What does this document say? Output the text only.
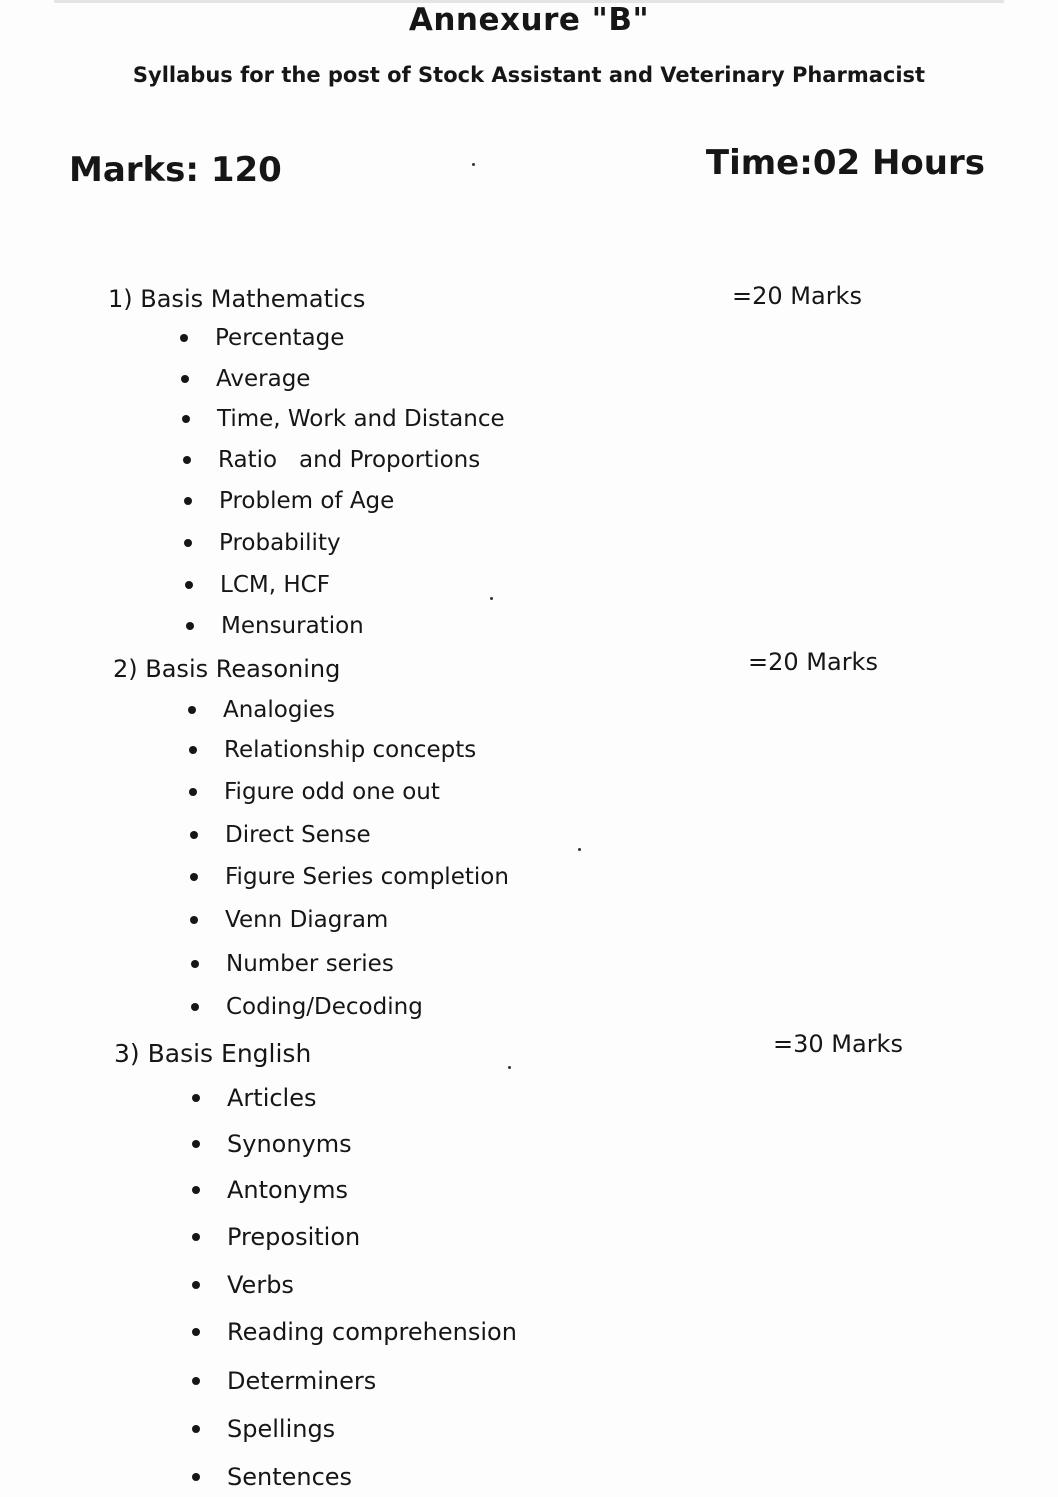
Annexure "B"
Syllabus for the post of Stock Assistant and Veterinary Pharmacist
Marks: 120	Time:02 Hours
1) Basis Mathematics	=20 Marks
Percentage
Average
Time, Work and Distance
Ratio   and Proportions
Problem of Age
Probability
LCM, HCF
Mensuration
2) Basis Reasoning	=20 Marks
Analogies
Relationship concepts
Figure odd one out
Direct Sense
Figure Series completion
Venn Diagram
Number series
Coding/Decoding
3) Basis English	=30 Marks
Articles
Synonyms
Antonyms
Preposition
Verbs
Reading comprehension
Determiners
Spellings
Sentences
